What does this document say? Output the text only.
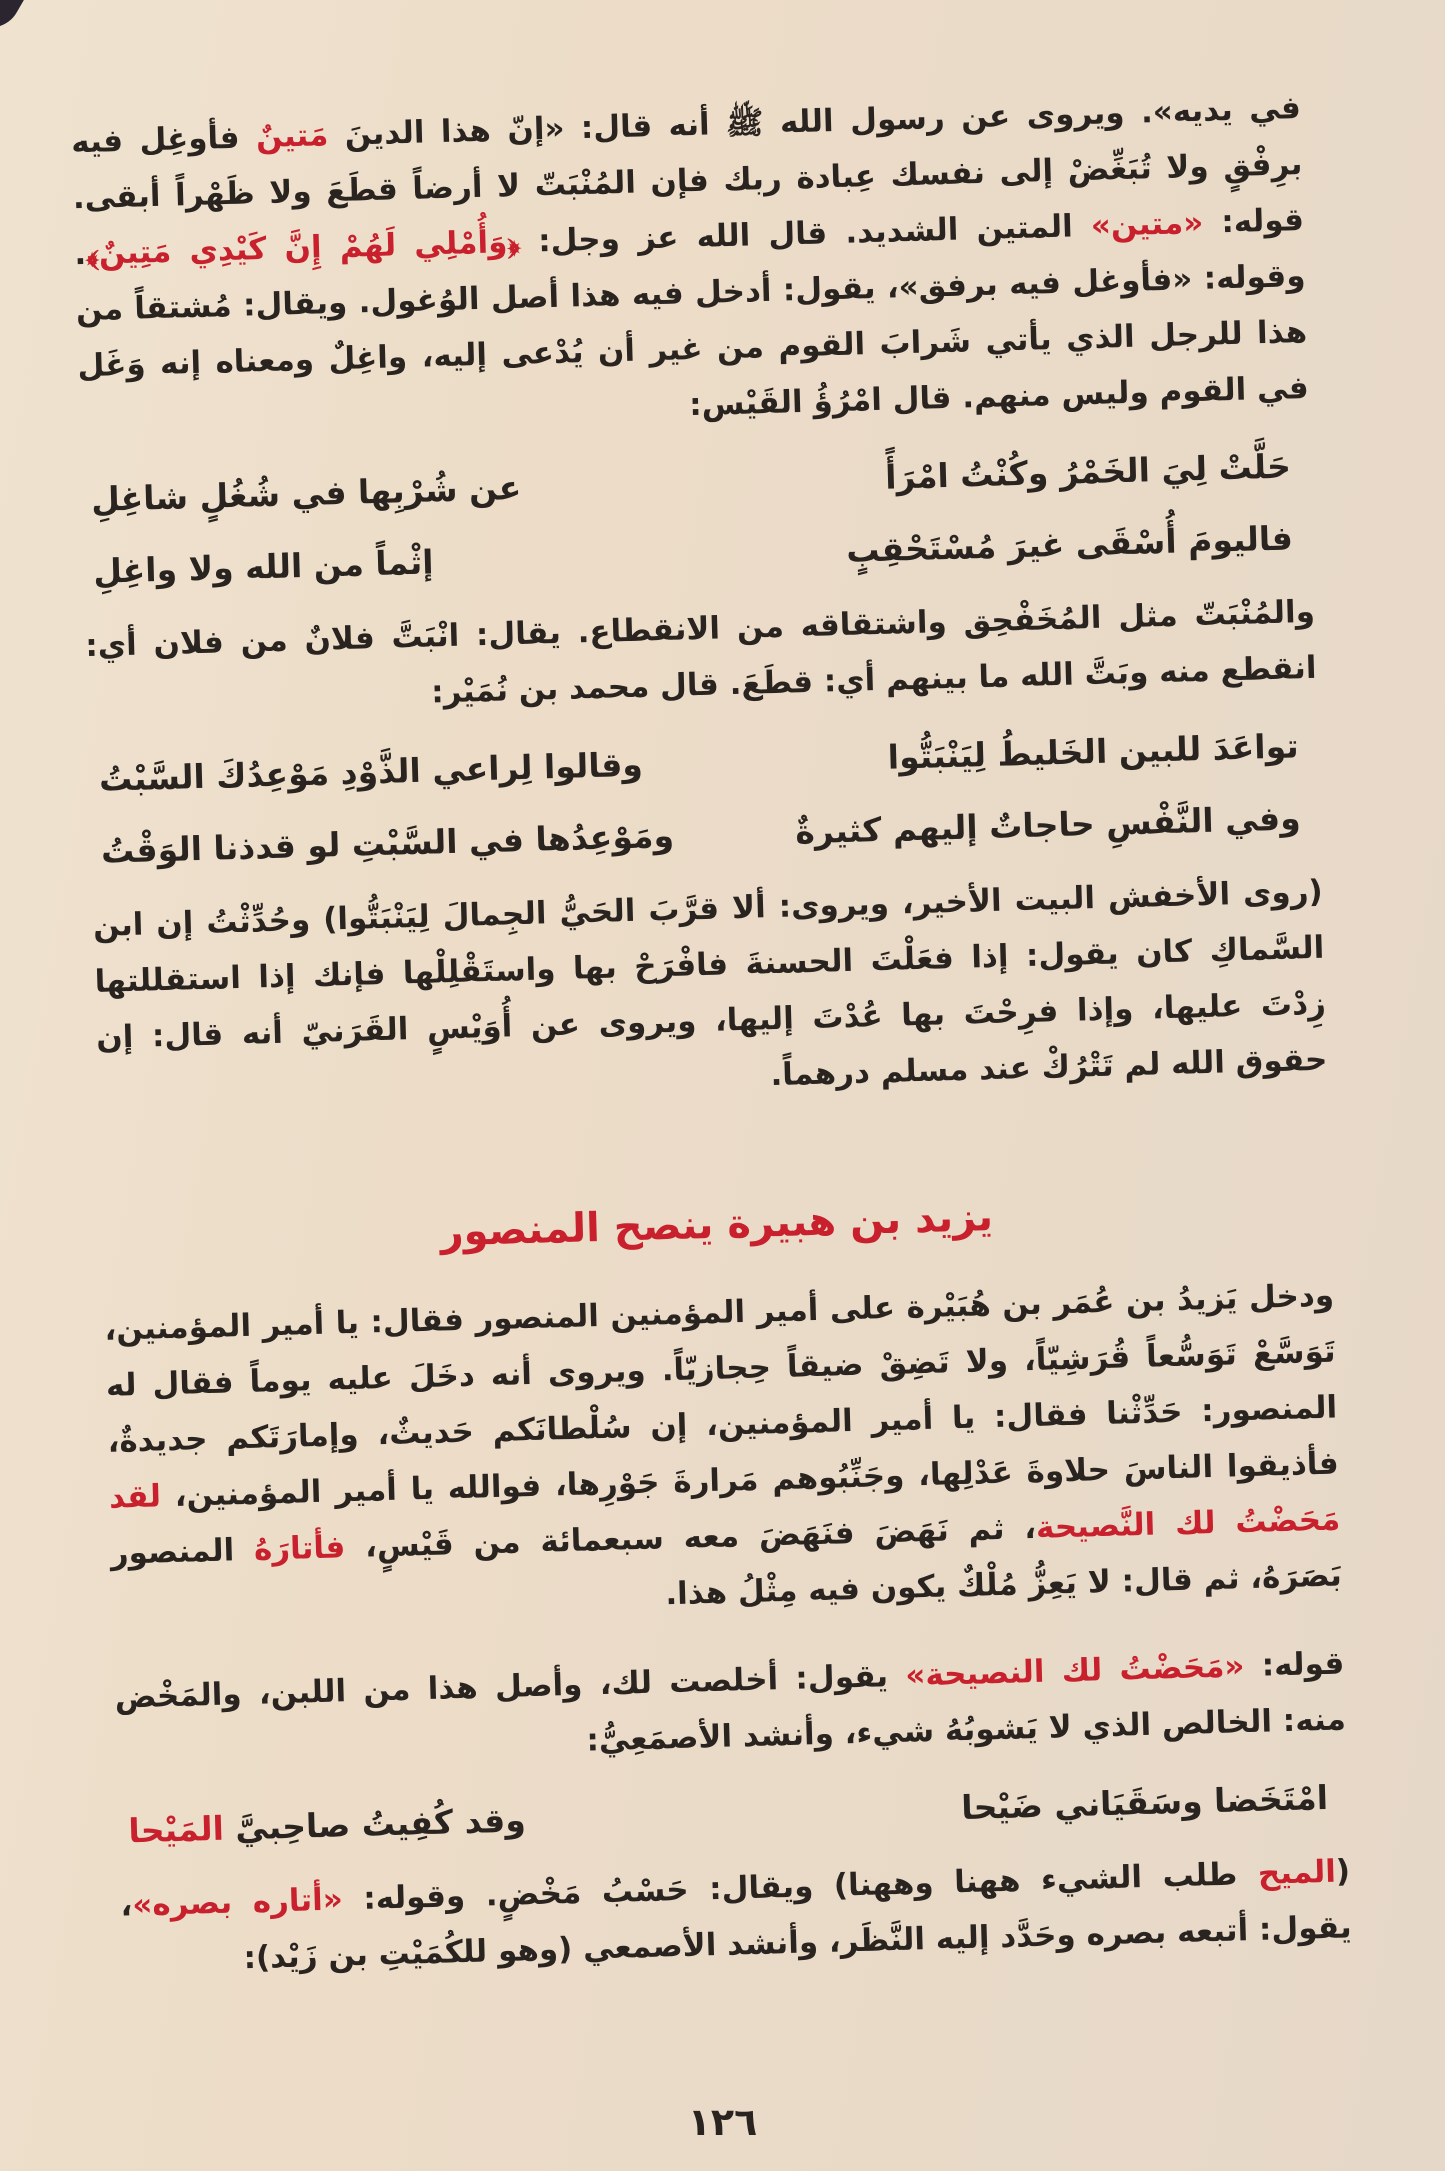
في يديه». ويروى عن رسول الله ﷺ أنه قال: «إنّ هذا الدينَ مَتينٌ فأوغِل فيه برِفْقٍ ولا تُبَغِّضْ إلى نفسك عِبادة ربك فإن المُنْبَتّ لا أرضاً قطَعَ ولا ظَهْراً أبقى. قوله: «متين» المتين الشديد. قال الله عز وجل: ﴿وَأُمْلِي لَهُمْ إِنَّ كَيْدِي مَتِينٌ﴾. وقوله: «فأوغل فيه برفق»، يقول: أدخل فيه هذا أصل الوُغول. ويقال: مُشتقاً من هذا للرجل الذي يأتي شَرابَ القوم من غير أن يُدْعى إليه، واغِلٌ ومعناه إنه وَغَل في القوم وليس منهم. قال امْرُؤُ القَيْس:

حَلَّتْ لِيَ الخَمْرُ وكُنْتُ امْرَأً
عن شُرْبِها في شُغُلٍ شاغِلِ
فاليومَ أُسْقَى غيرَ مُسْتَحْقِبٍ
إثْماً من الله ولا واغِلِ

والمُنْبَتّ مثل المُخَفْحِق واشتقاقه من الانقطاع. يقال: انْبَتَّ فلانٌ من فلان أي: انقطع منه وبَتَّ الله ما بينهم أي: قطَعَ. قال محمد بن نُمَيْر:

تواعَدَ للبين الخَليطُ لِيَنْبَتُّوا
وقالوا لِراعي الذَّوْدِ مَوْعِدُكَ السَّبْتُ
وفي النَّفْسِ حاجاتٌ إليهم كثيرةٌ
ومَوْعِدُها في السَّبْتِ لو قدذنا الوَقْتُ

(روى الأخفش البيت الأخير، ويروى: ألا قرَّبَ الحَيُّ الجِمالَ لِيَنْبَتُّوا) وحُدِّثْتُ إن ابن السَّماكِ كان يقول: إذا فعَلْتَ الحسنةَ فافْرَحْ بها واستَقْلِلْها فإنك إذا استقللتها زِدْتَ عليها، وإذا فرِحْتَ بها عُدْتَ إليها، ويروى عن أُوَيْسٍ القَرَنيّ أنه قال: إن حقوق الله لم تَتْرُكْ عند مسلم درهماً.

يزيد بن هبيرة ينصح المنصور

ودخل يَزيدُ بن عُمَر بن هُبَيْرة على أمير المؤمنين المنصور فقال: يا أمير المؤمنين، تَوَسَّعْ تَوَسُّعاً قُرَشِيّاً، ولا تَضِقْ ضيقاً حِجازيّاً. ويروى أنه دخَلَ عليه يوماً فقال له المنصور: حَدِّثْنا فقال: يا أمير المؤمنين، إن سُلْطانَكم حَديثٌ، وإمارَتَكم جديدةٌ، فأذيقوا الناسَ حلاوةَ عَدْلِها، وجَنِّبُوهم مَرارةَ جَوْرِها، فوالله يا أمير المؤمنين، لقد مَحَضْتُ لك النَّصيحة، ثم نَهَضَ فنَهَضَ معه سبعمائة من قَيْسٍ، فأتارَهُ المنصور بَصَرَهُ، ثم قال: لا يَعِزُّ مُلْكٌ يكون فيه مِثْلُ هذا.

قوله: «مَحَضْتُ لك النصيحة» يقول: أخلصت لك، وأصل هذا من اللبن، والمَخْض منه: الخالص الذي لا يَشوبُهُ شيء، وأنشد الأصمَعِيُّ:

امْتَخَضا وسَقَيَاني ضَيْحا
وقد كُفِيتُ صاحِبيَّ المَيْحا

(الميح طلب الشيء ههنا وههنا) ويقال: حَسْبُ مَخْضٍ. وقوله: «أتاره بصره»، يقول: أتبعه بصره وحَدَّد إليه النَّظَر، وأنشد الأصمعي (وهو للكُمَيْتِ بن زَيْد):

١٢٦
